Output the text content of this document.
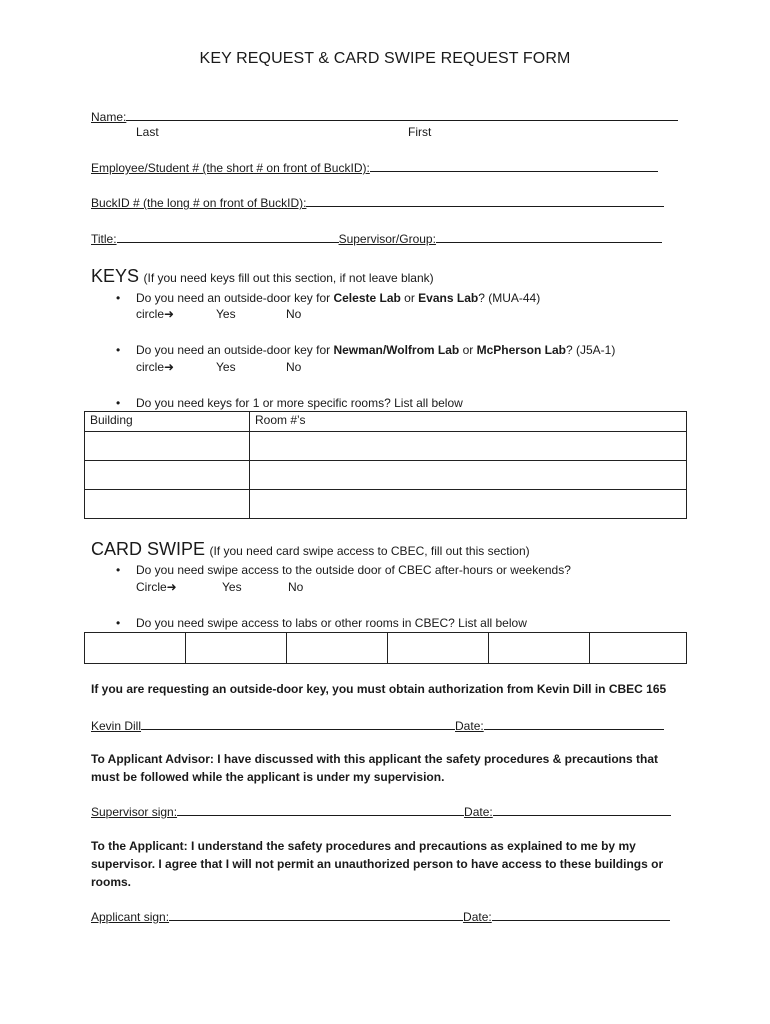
KEY REQUEST & CARD SWIPE REQUEST FORM
Name:
Last	First
Employee/Student # (the short # on front of BuckID):
BuckID # (the long # on front of BuckID):
Title:	Supervisor/Group:
KEYS (If you need keys fill out this section, if not leave blank)
• Do you need an outside-door key for Celeste Lab or Evans Lab? (MUA-44)
circle➜	Yes	No
• Do you need an outside-door key for Newman/Wolfrom Lab or McPherson Lab? (J5A-1)
circle➜	Yes	No
• Do you need keys for 1 or more specific rooms? List all below
Building	Room #’s

CARD SWIPE (If you need card swipe access to CBEC, fill out this section)
• Do you need swipe access to the outside door of CBEC after-hours or weekends?
Circle➜	Yes	No
• Do you need swipe access to labs or other rooms in CBEC? List all below

If you are requesting an outside-door key, you must obtain authorization from Kevin Dill in CBEC 165
Kevin Dill	Date:
To Applicant Advisor: I have discussed with this applicant the safety procedures & precautions that must be followed while the applicant is under my supervision.
Supervisor sign:	Date:
To the Applicant: I understand the safety procedures and precautions as explained to me by my supervisor. I agree that I will not permit an unauthorized person to have access to these buildings or rooms.
Applicant sign:	Date:
